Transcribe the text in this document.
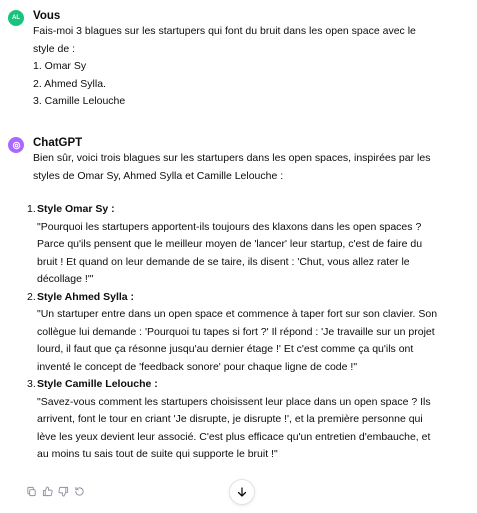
AL Vous
Fais-moi 3 blagues sur les startupers qui font du bruit dans les open space avec le
style de :
1. Omar Sy
2. Ahmed Sylla.
3. Camille Lelouche
ChatGPT
Bien sûr, voici trois blagues sur les startupers dans les open spaces, inspirées par les
styles de Omar Sy, Ahmed Sylla et Camille Lelouche :
1. Style Omar Sy :
"Pourquoi les startupers apportent-ils toujours des klaxons dans les open spaces ?
Parce qu'ils pensent que le meilleur moyen de 'lancer' leur startup, c'est de faire du
bruit ! Et quand on leur demande de se taire, ils disent : 'Chut, vous allez rater le
décollage !'"
2. Style Ahmed Sylla :
"Un startuper entre dans un open space et commence à taper fort sur son clavier. Son
collègue lui demande : 'Pourquoi tu tapes si fort ?' Il répond : 'Je travaille sur un projet
lourd, il faut que ça résonne jusqu'au dernier étage !' Et c'est comme ça qu'ils ont
inventé le concept de 'feedback sonore' pour chaque ligne de code !"
3. Style Camille Lelouche :
"Savez-vous comment les startupers choisissent leur place dans un open space ? Ils
arrivent, font le tour en criant 'Je disrupte, je disrupte !', et la première personne qui
lève les yeux devient leur associé. C'est plus efficace qu'un entretien d'embauche, et
au moins tu sais tout de suite qui supporte le bruit !"
